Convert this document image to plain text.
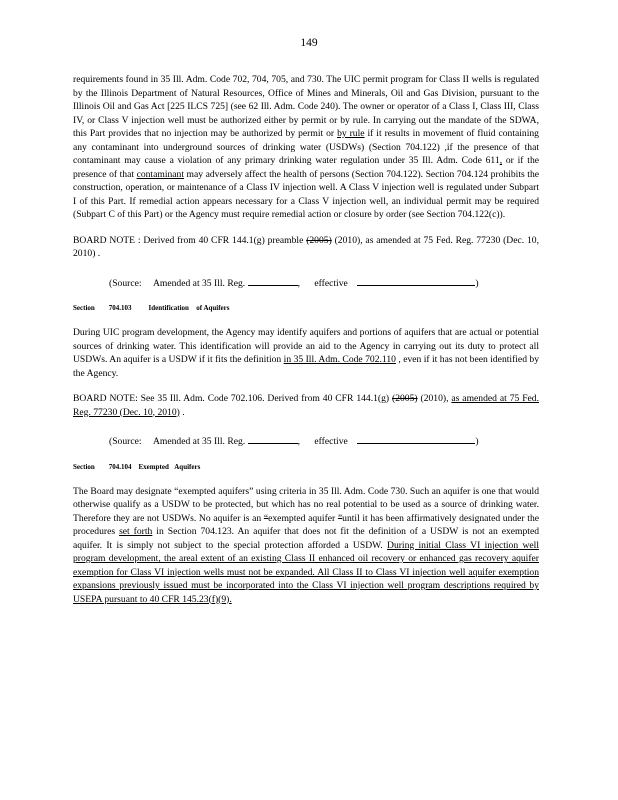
149

requirements found in 35 Ill. Adm. Code 702, 704, 705, and 730. The UIC permit program for Class II wells is regulated by the Illinois Department of Natural Resources, Office of Mines and Minerals, Oil and Gas Division, pursuant to the Illinois Oil and Gas Act [225 ILCS 725] (see 62 Ill. Adm. Code 240). The owner or operator of a Class I, Class III, Class IV, or Class V injection well must be authorized either by permit or by rule. In carrying out the mandate of the SDWA, this Part provides that no injection may be authorized by permit or by rule if it results in movement of fluid containing any contaminant into underground sources of drinking water (USDWs) (Section 704.122) ,if the presence of that contaminant may cause a violation of any primary drinking water regulation under 35 Ill. Adm. Code 611, or if the presence of that contaminant may adversely affect the health of persons (Section 704.122). Section 704.124 prohibits the construction, operation, or maintenance of a Class IV injection well. A Class V injection well is regulated under Subpart I of this Part. If remedial action appears necessary for a Class V injection well, an individual permit may be required (Subpart C of this Part) or the Agency must require remedial action or closure by order (see Section 704.122(c)).

BOARD NOTE : Derived from 40 CFR 144.1(g) preamble (2005) (2010), as amended at 75 Fed. Reg. 77230 (Dec. 10, 2010) .

(Source: Amended at 35 Ill. Reg.	, effective	)
Section 704.103 Identification of Aquifers

During UIC program development, the Agency may identify aquifers and portions of aquifers that are actual or potential sources of drinking water. This identification will provide an aid to the Agency in carrying out its duty to protect all USDWs. An aquifer is a USDW if it fits the definition in 35 Ill. Adm. Code 702.110 , even if it has not been identified by the Agency.

BOARD NOTE: See 35 Ill. Adm. Code 702.106. Derived from 40 CFR 144.1(g) (2005) (2010), as amended at 75 Fed. Reg. 77230 (Dec. 10, 2010) .

(Source: Amended at 35 Ill. Reg.	, effective	)
Section 704.104 Exempted Aquifers

The Board may designate “exempted aquifers” using criteria in 35 Ill. Adm. Code 730. Such an aquifer is one that would otherwise qualify as a USDW to be protected, but which has no real potential to be used as a source of drinking water. Therefore they are not USDWs. No aquifer is an “exempted aquifer ”until it has been affirmatively designated under the procedures set forth in Section 704.123. An aquifer that does not fit the definition of a USDW is not an exempted aquifer. It is simply not subject to the special protection afforded a USDW. During initial Class VI injection well program development, the areal extent of an existing Class II enhanced oil recovery or enhanced gas recovery aquifer exemption for Class VI injection wells must not be expanded. All Class II to Class VI injection well aquifer exemption expansions previously issued must be incorporated into the Class VI injection well program descriptions required by USEPA pursuant to 40 CFR 145.23(f)(9).
